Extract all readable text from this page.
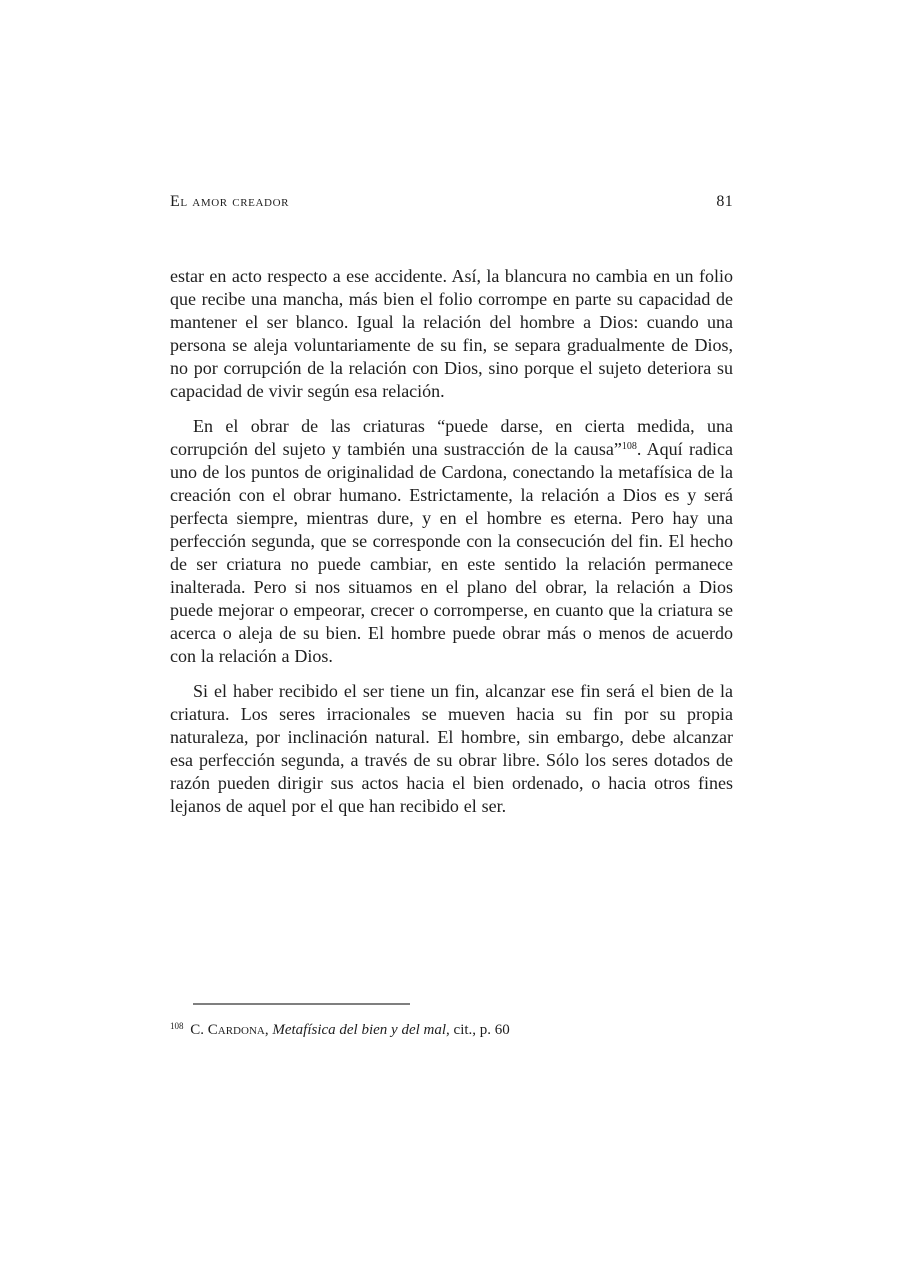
El amor creador	81

estar en acto respecto a ese accidente. Así, la blancura no cambia en un folio que recibe una mancha, más bien el folio corrompe en parte su capacidad de mantener el ser blanco. Igual la relación del hombre a Dios: cuando una persona se aleja voluntariamente de su fin, se separa gradualmente de Dios, no por corrupción de la relación con Dios, sino porque el sujeto deteriora su capacidad de vivir según esa relación.

En el obrar de las criaturas “puede darse, en cierta medida, una corrupción del sujeto y también una sustracción de la causa”$^{108}$. Aquí radica uno de los puntos de originalidad de Cardona, conectando la metafísica de la creación con el obrar humano. Estrictamente, la relación a Dios es y será perfecta siempre, mientras dure, y en el hombre es eterna. Pero hay una perfección segunda, que se corresponde con la consecución del fin. El hecho de ser criatura no puede cambiar, en este sentido la relación permanece inalterada. Pero si nos situamos en el plano del obrar, la relación a Dios puede mejorar o empeorar, crecer o corromperse, en cuanto que la criatura se acerca o aleja de su bien. El hombre puede obrar más o menos de acuerdo con la relación a Dios.

Si el haber recibido el ser tiene un fin, alcanzar ese fin será el bien de la criatura. Los seres irracionales se mueven hacia su fin por su propia naturaleza, por inclinación natural. El hombre, sin embargo, debe alcanzar esa perfección segunda, a través de su obrar libre. Sólo los seres dotados de razón pueden dirigir sus actos hacia el bien ordenado, o hacia otros fines lejanos de aquel por el que han recibido el ser.

$^{108}$ C. Cardona, Metafísica del bien y del mal, cit., p. 60
